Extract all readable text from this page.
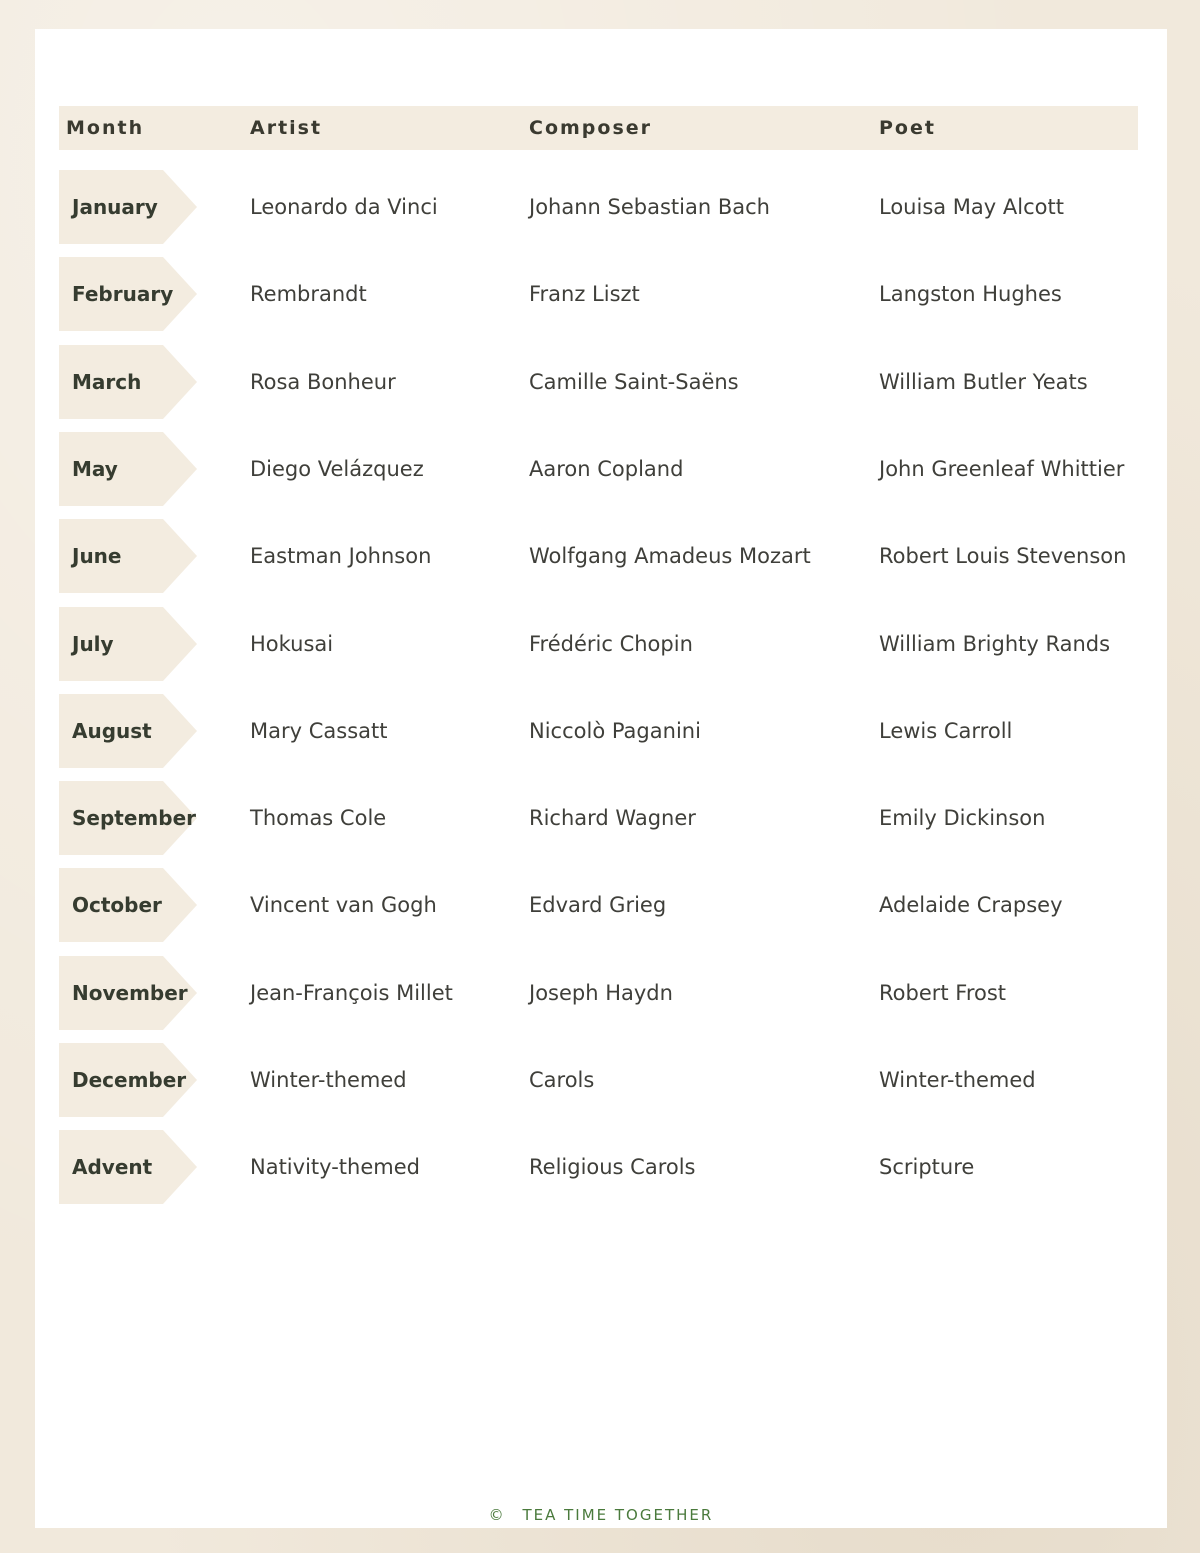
Month	Artist	Composer	Poet
January	Leonardo da Vinci	Johann Sebastian Bach	Louisa May Alcott
February	Rembrandt	Franz Liszt	Langston Hughes
March	Rosa Bonheur	Camille Saint-Saëns	William Butler Yeats
May	Diego Velázquez	Aaron Copland	John Greenleaf Whittier
June	Eastman Johnson	Wolfgang Amadeus Mozart	Robert Louis Stevenson
July	Hokusai	Frédéric Chopin	William Brighty Rands
August	Mary Cassatt	Niccolò Paganini	Lewis Carroll
September	Thomas Cole	Richard Wagner	Emily Dickinson
October	Vincent van Gogh	Edvard Grieg	Adelaide Crapsey
November	Jean-François Millet	Joseph Haydn	Robert Frost
December	Winter-themed	Carols	Winter-themed
Advent	Nativity-themed	Religious Carols	Scripture
© TEA TIME TOGETHER
